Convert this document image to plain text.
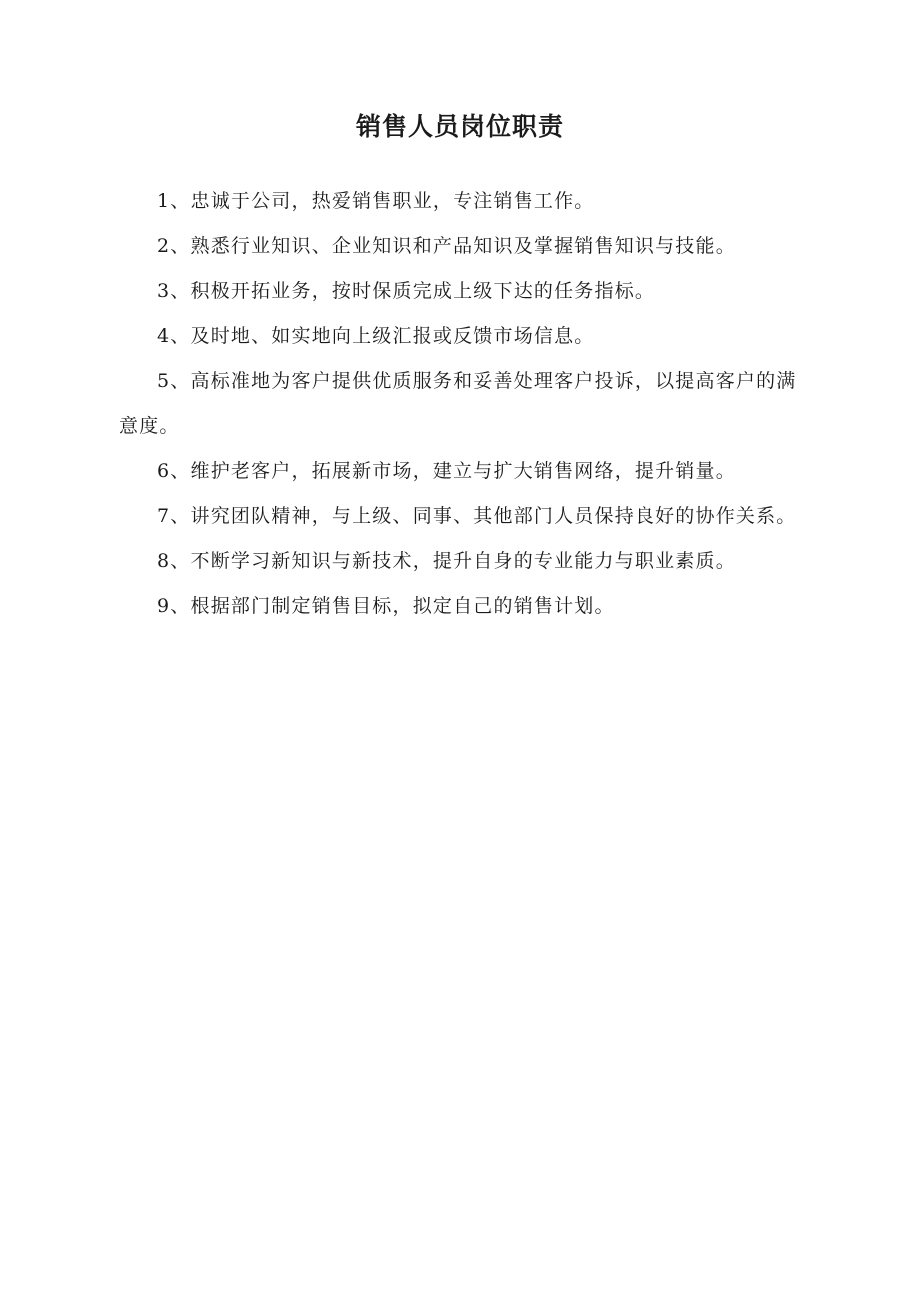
销售人员岗位职责
1、忠诚于公司，热爱销售职业，专注销售工作。
2、熟悉行业知识、企业知识和产品知识及掌握销售知识与技能。
3、积极开拓业务，按时保质完成上级下达的任务指标。
4、及时地、如实地向上级汇报或反馈市场信息。
5、高标准地为客户提供优质服务和妥善处理客户投诉，以提高客户的满意度。
6、维护老客户，拓展新市场，建立与扩大销售网络，提升销量。
7、讲究团队精神，与上级、同事、其他部门人员保持良好的协作关系。
8、不断学习新知识与新技术，提升自身的专业能力与职业素质。
9、根据部门制定销售目标，拟定自己的销售计划。
